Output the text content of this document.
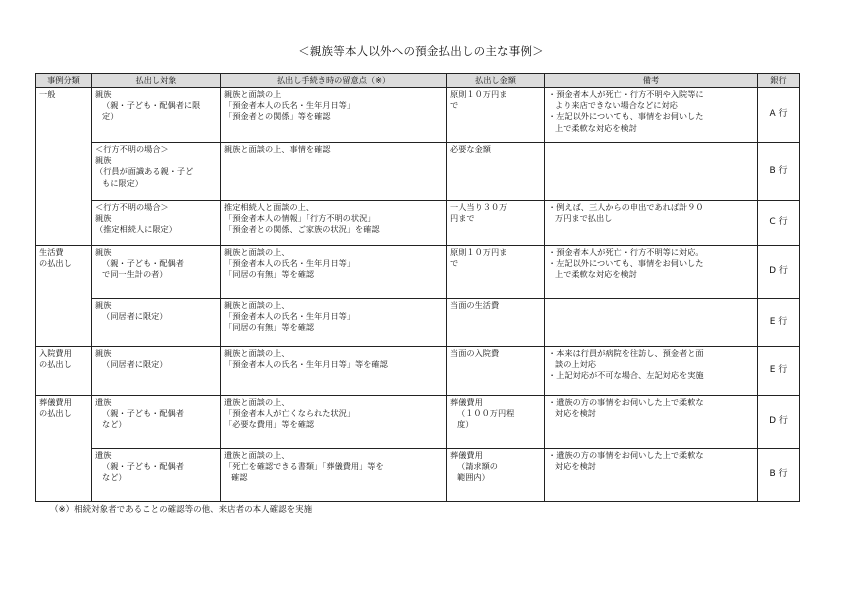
＜親族等本人以外への預金払出しの主な事例＞
事例分類	払出し対象	払出し手続き時の留意点（※）	払出し金額	備考	銀行

一般	親族
（親・子ども・配偶者に限
定）	親族と面談の上
「預金者本人の氏名・生年月日等」
「預金者との関係」等を確認	原則１０万円ま
で	・預金者本人が死亡・行方不明や入院等に
より来店できない場合などに対応
・左記以外についても、事情をお伺いした
上で柔軟な対応を検討	A 行

	＜行方不明の場合＞
親族
（行員が面識ある親・子ど
もに限定）	親族と面談の上、事情を確認	必要な金額		B 行

	＜行方不明の場合＞
親族
（推定相続人に限定）	推定相続人と面談の上、
「預金者本人の情報」「行方不明の状況」
「預金者との関係、ご家族の状況」を確認	一人当り３０万
円まで	・例えば、三人からの申出であれば計９０
万円まで払出し	C 行

生活費
の払出し	親族
（親・子ども・配偶者
で同一生計の者）	親族と面談の上、
「預金者本人の氏名・生年月日等」
「同居の有無」等を確認	原則１０万円ま
で	・預金者本人が死亡・行方不明等に対応。
・左記以外についても、事情をお伺いした
上で柔軟な対応を検討	D 行

	親族
（同居者に限定）	親族と面談の上、
「預金者本人の氏名・生年月日等」
「同居の有無」等を確認	当面の生活費		E 行

入院費用
の払出し	親族
（同居者に限定）	親族と面談の上、
「預金者本人の氏名・生年月日等」等を確認	当面の入院費	・本来は行員が病院を往訪し、預金者と面
談の上対応
・上記対応が不可な場合、左記対応を実施	E 行

葬儀費用
の払出し	遺族
（親・子ども・配偶者
など）	遺族と面談の上、
「預金者本人が亡くなられた状況」
「必要な費用」等を確認	葬儀費用
（１００万円程
度）	・遺族の方の事情をお伺いした上で柔軟な
対応を検討	D 行

	遺族
（親・子ども・配偶者
など）	遺族と面談の上、
「死亡を確認できる書類」「葬儀費用」等を
確認	葬儀費用
（請求額の
範囲内）	・遺族の方の事情をお伺いした上で柔軟な
対応を検討	B 行
（※）相続対象者であることの確認等の他、来店者の本人確認を実施
